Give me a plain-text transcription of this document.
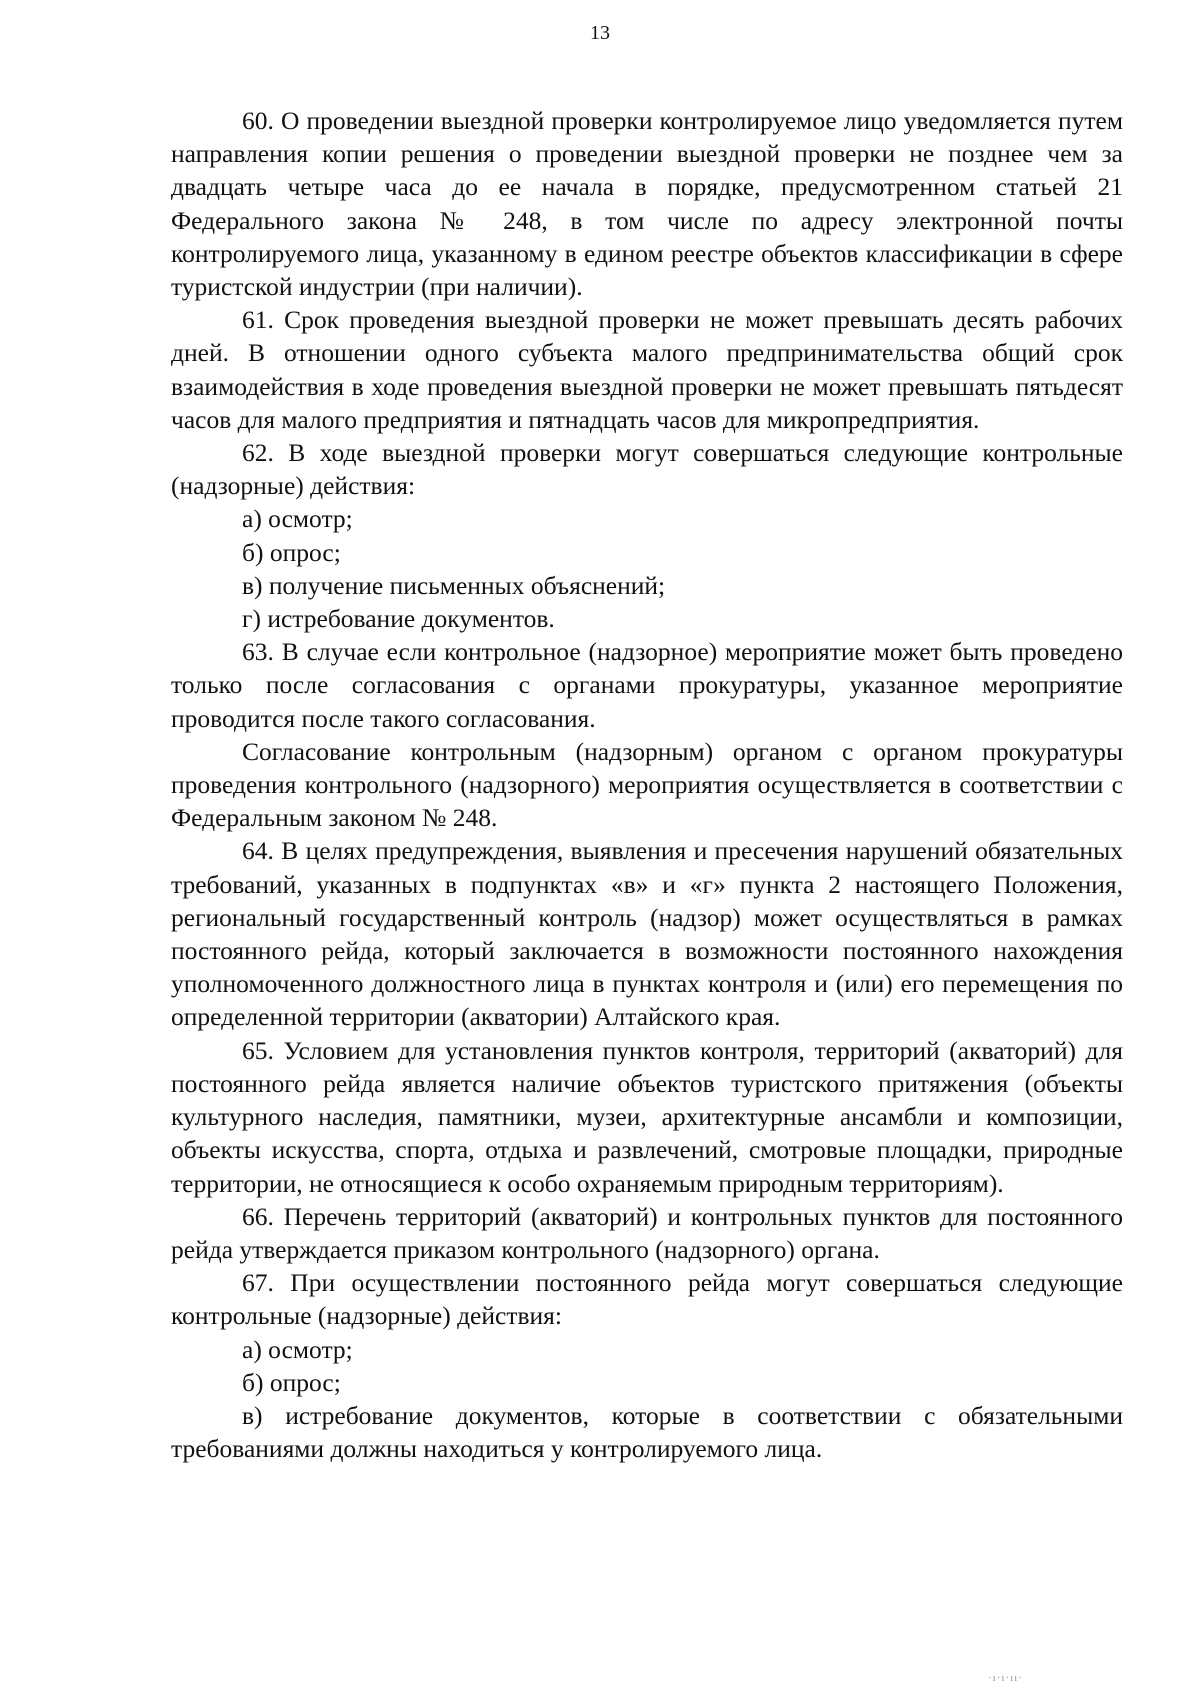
13

60. О проведении выездной проверки контролируемое лицо уведомляется путем направления копии решения о проведении выездной проверки не позднее чем за двадцать четыре часа до ее начала в порядке, предусмотренном статьей 21 Федерального закона № 248, в том числе по адресу электронной почты контролируемого лица, указанному в едином реестре объектов классификации в сфере туристской индустрии (при наличии).

61. Срок проведения выездной проверки не может превышать десять рабочих дней. В отношении одного субъекта малого предпринимательства общий срок взаимодействия в ходе проведения выездной проверки не может превышать пятьдесят часов для малого предприятия и пятнадцать часов для микропредприятия.

62. В ходе выездной проверки могут совершаться следующие контрольные (надзорные) действия:

а) осмотр;

б) опрос;

в) получение письменных объяснений;

г) истребование документов.

63. В случае если контрольное (надзорное) мероприятие может быть проведено только после согласования с органами прокуратуры, указанное мероприятие проводится после такого согласования.

Согласование контрольным (надзорным) органом с органом прокуратуры проведения контрольного (надзорного) мероприятия осуществляется в соответствии с Федеральным законом № 248.

64. В целях предупреждения, выявления и пресечения нарушений обязательных требований, указанных в подпунктах «в» и «г» пункта 2 настоящего Положения, региональный государственный контроль (надзор) может осуществляться в рамках постоянного рейда, который заключается в возможности постоянного нахождения уполномоченного должностного лица в пунктах контроля и (или) его перемещения по определенной территории (акватории) Алтайского края.

65. Условием для установления пунктов контроля, территорий (акваторий) для постоянного рейда является наличие объектов туристского притяжения (объекты культурного наследия, памятники, музеи, архитектурные ансамбли и композиции, объекты искусства, спорта, отдыха и развлечений, смотровые площадки, природные территории, не относящиеся к особо охраняемым природным территориям).

66. Перечень территорий (акваторий) и контрольных пунктов для постоянного рейда утверждается приказом контрольного (надзорного) органа.

67. При осуществлении постоянного рейда могут совершаться следующие контрольные (надзорные) действия:

а) осмотр;

б) опрос;

в) истребование документов, которые в соответствии с обязательными требованиями должны находиться у контролируемого лица.

·ı·ı·ıı·
